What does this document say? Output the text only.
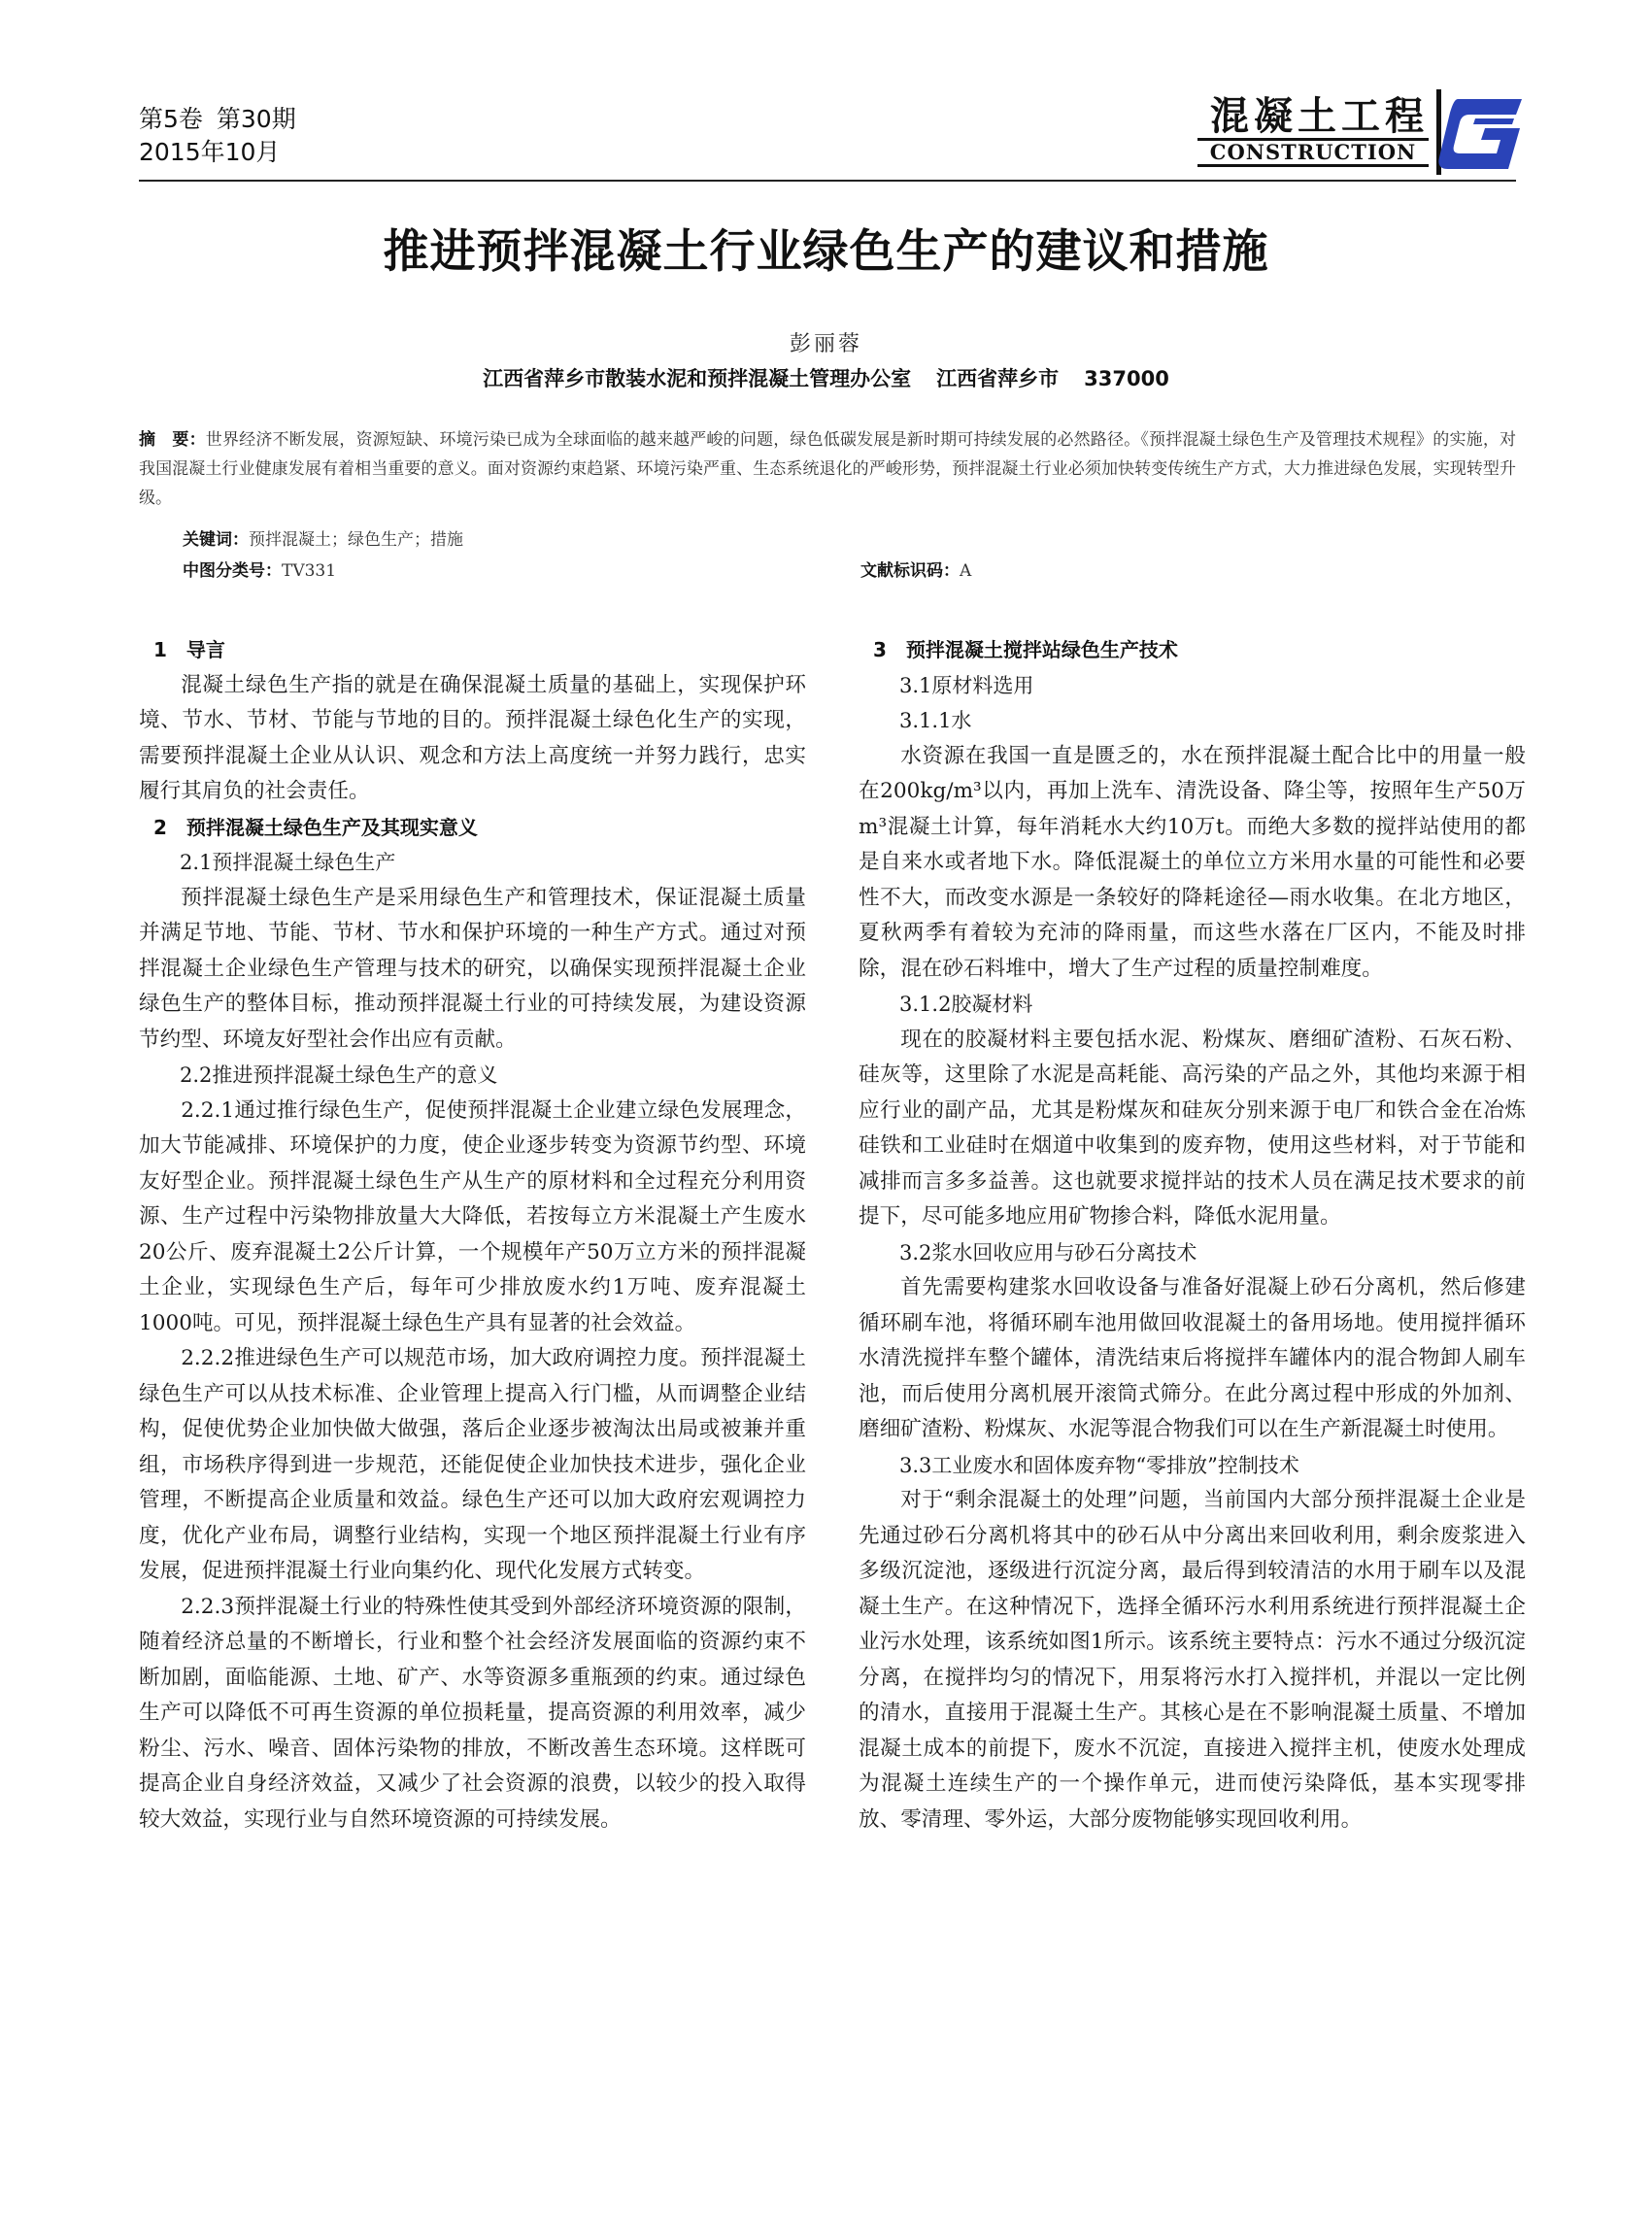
第5卷 第30期
2015年10月
混凝土工程
CONSTRUCTION
推进预拌混凝土行业绿色生产的建议和措施
彭丽蓉
江西省萍乡市散装水泥和预拌混凝土管理办公室 江西省萍乡市 337000
摘　要：世界经济不断发展，资源短缺、环境污染已成为全球面临的越来越严峻的问题，绿色低碳发展是新时期可持续发展的必然路径。《预拌混凝土绿色生产及管理技术规程》的实施，对我国混凝土行业健康发展有着相当重要的意义。面对资源约束趋紧、环境污染严重、生态系统退化的严峻形势，预拌混凝土行业必须加快转变传统生产方式，大力推进绿色发展，实现转型升级。
关键词：预拌混凝土；绿色生产；措施
中图分类号：TV331	文献标识码：A

1　导言

混凝土绿色生产指的就是在确保混凝土质量的基础上，实现保护环境、节水、节材、节能与节地的目的。预拌混凝土绿色化生产的实现，需要预拌混凝土企业从认识、观念和方法上高度统一并努力践行，忠实履行其肩负的社会责任。

2　预拌混凝土绿色生产及其现实意义

2.1预拌混凝土绿色生产

预拌混凝土绿色生产是采用绿色生产和管理技术，保证混凝土质量并满足节地、节能、节材、节水和保护环境的一种生产方式。通过对预拌混凝土企业绿色生产管理与技术的研究，以确保实现预拌混凝土企业绿色生产的整体目标，推动预拌混凝土行业的可持续发展，为建设资源节约型、环境友好型社会作出应有贡献。

2.2推进预拌混凝土绿色生产的意义

2.2.1通过推行绿色生产，促使预拌混凝土企业建立绿色发展理念，加大节能减排、环境保护的力度，使企业逐步转变为资源节约型、环境友好型企业。预拌混凝土绿色生产从生产的原材料和全过程充分利用资源、生产过程中污染物排放量大大降低，若按每立方米混凝土产生废水20公斤、废弃混凝土2公斤计算，一个规模年产50万立方米的预拌混凝土企业，实现绿色生产后，每年可少排放废水约1万吨、废弃混凝土1000吨。可见，预拌混凝土绿色生产具有显著的社会效益。

2.2.2推进绿色生产可以规范市场，加大政府调控力度。预拌混凝土绿色生产可以从技术标准、企业管理上提高入行门槛，从而调整企业结构，促使优势企业加快做大做强，落后企业逐步被淘汰出局或被兼并重组，市场秩序得到进一步规范，还能促使企业加快技术进步，强化企业管理，不断提高企业质量和效益。绿色生产还可以加大政府宏观调控力度，优化产业布局，调整行业结构，实现一个地区预拌混凝土行业有序发展，促进预拌混凝土行业向集约化、现代化发展方式转变。

2.2.3预拌混凝土行业的特殊性使其受到外部经济环境资源的限制，随着经济总量的不断增长，行业和整个社会经济发展面临的资源约束不断加剧，面临能源、土地、矿产、水等资源多重瓶颈的约束。通过绿色生产可以降低不可再生资源的单位损耗量，提高资源的利用效率，减少粉尘、污水、噪音、固体污染物的排放，不断改善生态环境。这样既可提高企业自身经济效益，又减少了社会资源的浪费，以较少的投入取得较大效益，实现行业与自然环境资源的可持续发展。

3　预拌混凝土搅拌站绿色生产技术

3.1原材料选用

3.1.1水

水资源在我国一直是匮乏的，水在预拌混凝土配合比中的用量一般在200kg/m³以内，再加上洗车、清洗设备、降尘等，按照年生产50万m³混凝土计算，每年消耗水大约10万t。而绝大多数的搅拌站使用的都是自来水或者地下水。降低混凝土的单位立方米用水量的可能性和必要性不大，而改变水源是一条较好的降耗途径—雨水收集。在北方地区，夏秋两季有着较为充沛的降雨量，而这些水落在厂区内，不能及时排除，混在砂石料堆中，增大了生产过程的质量控制难度。

3.1.2胶凝材料

现在的胶凝材料主要包括水泥、粉煤灰、磨细矿渣粉、石灰石粉、硅灰等，这里除了水泥是高耗能、高污染的产品之外，其他均来源于相应行业的副产品，尤其是粉煤灰和硅灰分别来源于电厂和铁合金在冶炼硅铁和工业硅时在烟道中收集到的废弃物，使用这些材料，对于节能和减排而言多多益善。这也就要求搅拌站的技术人员在满足技术要求的前提下，尽可能多地应用矿物掺合料，降低水泥用量。

3.2浆水回收应用与砂石分离技术

首先需要构建浆水回收设备与准备好混凝上砂石分离机，然后修建循环刷车池，将循环刷车池用做回收混凝土的备用场地。使用搅拌循环水清洗搅拌车整个罐体，清洗结束后将搅拌车罐体内的混合物卸人刷车池，而后使用分离机展开滚筒式筛分。在此分离过程中形成的外加剂、磨细矿渣粉、粉煤灰、水泥等混合物我们可以在生产新混凝土时使用。

3.3工业废水和固体废弃物“零排放”控制技术

对于“剩余混凝土的处理”问题，当前国内大部分预拌混凝土企业是先通过砂石分离机将其中的砂石从中分离出来回收利用，剩余废浆进入多级沉淀池，逐级进行沉淀分离，最后得到较清洁的水用于刷车以及混凝土生产。在这种情况下，选择全循环污水利用系统进行预拌混凝土企业污水处理，该系统如图1所示。该系统主要特点：污水不通过分级沉淀分离，在搅拌均匀的情况下，用泵将污水打入搅拌机，并混以一定比例的清水，直接用于混凝土生产。其核心是在不影响混凝土质量、不增加混凝土成本的前提下，废水不沉淀，直接进入搅拌主机，使废水处理成为混凝土连续生产的一个操作单元，进而使污染降低，基本实现零排放、零清理、零外运，大部分废物能够实现回收利用。
